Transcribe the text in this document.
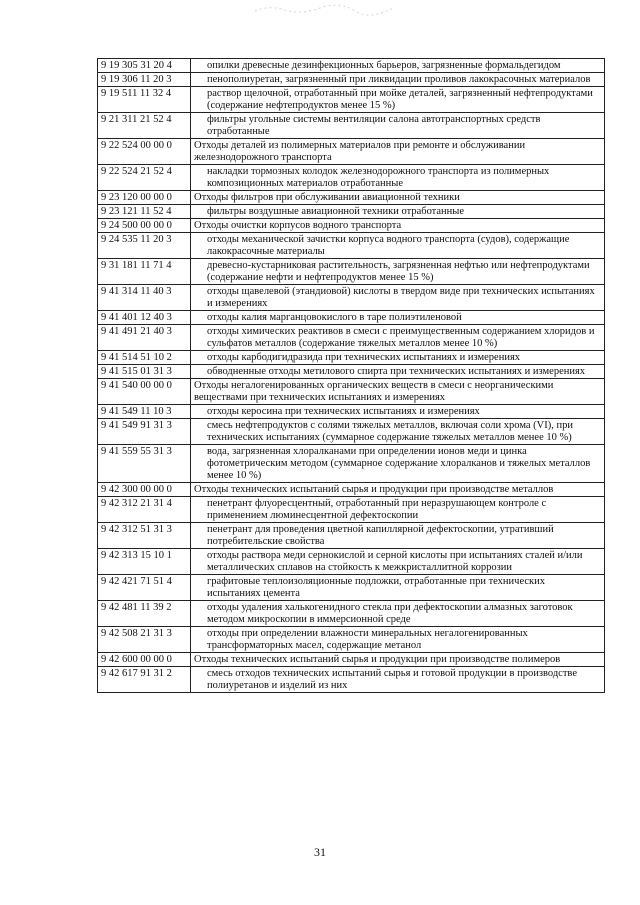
9 19 305 31 20 4	опилки древесные дезинфекционных барьеров, загрязненные формальдегидом
9 19 306 11 20 3	пенополиуретан, загрязненный при ликвидации проливов лакокрасочных материалов
9 19 511 11 32 4	раствор щелочной, отработанный при мойке деталей, загрязненный нефтепродуктами (содержание нефтепродуктов менее 15 %)
9 21 311 21 52 4	фильтры угольные системы вентиляции салона автотранспортных средств отработанные
9 22 524 00 00 0	Отходы деталей из полимерных материалов при ремонте и обслуживании железнодорожного транспорта
9 22 524 21 52 4	накладки тормозных колодок железнодорожного транспорта из полимерных композиционных материалов отработанные
9 23 120 00 00 0	Отходы фильтров при обслуживании авиационной техники
9 23 121 11 52 4	фильтры воздушные авиационной техники отработанные
9 24 500 00 00 0	Отходы очистки корпусов водного транспорта
9 24 535 11 20 3	отходы механической зачистки корпуса водного транспорта (судов), содержащие лакокрасочные материалы
9 31 181 11 71 4	древесно-кустарниковая растительность, загрязненная нефтью или нефтепродуктами (содержание нефти и нефтепродуктов менее 15 %)
9 41 314 11 40 3	отходы щавелевой (этандиовой) кислоты в твердом виде при технических испытаниях и измерениях
9 41 401 12 40 3	отходы калия марганцовокислого в таре полиэтиленовой
9 41 491 21 40 3	отходы химических реактивов в смеси с преимущественным содержанием хлоридов и сульфатов металлов (содержание тяжелых металлов менее 10 %)
9 41 514 51 10 2	отходы карбодигидразида при технических испытаниях и измерениях
9 41 515 01 31 3	обводненные отходы метилового спирта при технических испытаниях и измерениях
9 41 540 00 00 0	Отходы негалогенированных органических веществ в смеси с неорганическими веществами при технических испытаниях и измерениях
9 41 549 11 10 3	отходы керосина при технических испытаниях и измерениях
9 41 549 91 31 3	смесь нефтепродуктов с солями тяжелых металлов, включая соли хрома (VI), при технических испытаниях (суммарное содержание тяжелых металлов менее 10 %)
9 41 559 55 31 3	вода, загрязненная хлоралканами при определении ионов меди и цинка фотометрическим методом (суммарное содержание хлоралканов и тяжелых металлов менее 10 %)
9 42 300 00 00 0	Отходы технических испытаний сырья и продукции при производстве металлов
9 42 312 21 31 4	пенетрант флуоресцентный, отработанный при неразрушающем контроле с применением люминесцентной дефектоскопии
9 42 312 51 31 3	пенетрант для проведения цветной капиллярной дефектоскопии, утративший потребительские свойства
9 42 313 15 10 1	отходы раствора меди сернокислой и серной кислоты при испытаниях сталей и/или металлических сплавов на стойкость к межкристаллитной коррозии
9 42 421 71 51 4	графитовые теплоизоляционные подложки, отработанные при технических испытаниях цемента
9 42 481 11 39 2	отходы удаления халькогенидного стекла при дефектоскопии алмазных заготовок методом микроскопии в иммерсионной среде
9 42 508 21 31 3	отходы при определении влажности минеральных негалогенированных трансформаторных масел, содержащие метанол
9 42 600 00 00 0	Отходы технических испытаний сырья и продукции при производстве полимеров
9 42 617 91 31 2	смесь отходов технических испытаний сырья и готовой продукции в производстве полиуретанов и изделий из них
31
